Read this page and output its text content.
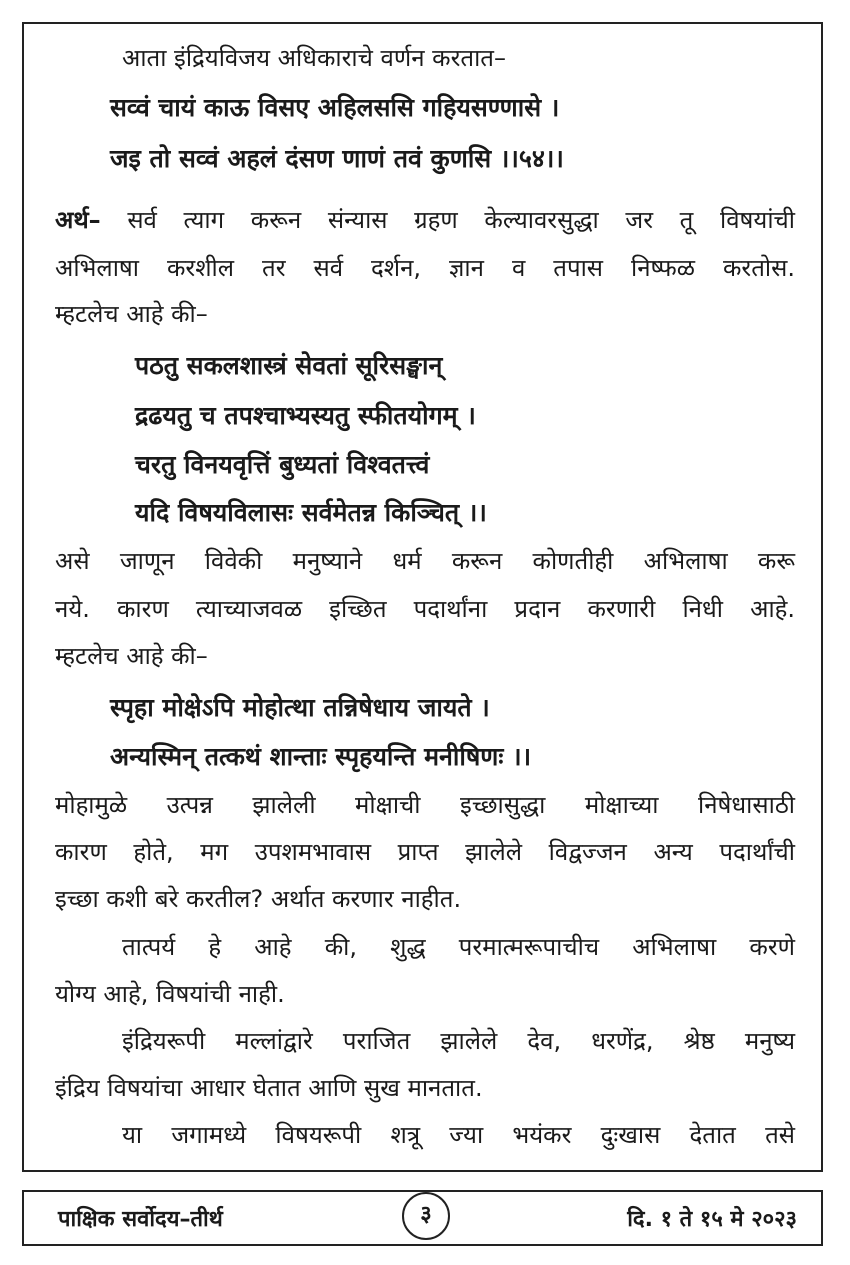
आता इंद्रियविजय अधिकाराचे वर्णन करतात–
सव्वं चायं काऊ विसए अहिलससि गहियसण्णासे ।
जइ तो सव्वं अहलं दंसण णाणं तवं कुणसि ।।५४।।
अर्थ– सर्व त्याग करून संन्यास ग्रहण केल्यावरसुद्धा जर तू विषयांची
अभिलाषा करशील तर सर्व दर्शन, ज्ञान व तपास निष्फळ करतोस.
म्हटलेच आहे की–
पठतु सकलशास्त्रं सेवतां सूरिसङ्घान्
द्रढयतु च तपश्चाभ्यस्यतु स्फीतयोगम् ।
चरतु विनयवृत्तिं बुध्यतां विश्वतत्त्वं
यदि विषयविलासः सर्वमेतन्न किञ्चित् ।।
असे जाणून विवेकी मनुष्याने धर्म करून कोणतीही अभिलाषा करू
नये. कारण त्याच्याजवळ इच्छित पदार्थांना प्रदान करणारी निधी आहे.
म्हटलेच आहे की–
स्पृहा मोक्षेऽपि मोहोत्था तन्निषेधाय जायते ।
अन्यस्मिन् तत्कथं शान्ताः स्पृहयन्ति मनीषिणः ।।
मोहामुळे उत्पन्न झालेली मोक्षाची इच्छासुद्धा मोक्षाच्या निषेधासाठी
कारण होते, मग उपशमभावास प्राप्त झालेले विद्वज्जन अन्य पदार्थांची
इच्छा कशी बरे करतील? अर्थात करणार नाहीत.
तात्पर्य हे आहे की, शुद्ध परमात्मरूपाचीच अभिलाषा करणे
योग्य आहे, विषयांची नाही.
इंद्रियरूपी मल्लांद्वारे पराजित झालेले देव, धरणेंद्र, श्रेष्ठ मनुष्य
इंद्रिय विषयांचा आधार घेतात आणि सुख मानतात.
या जगामध्ये विषयरूपी शत्रू ज्या भयंकर दुःखास देतात तसे
पाक्षिक सर्वोदय–तीर्थ	३	दि. १ ते १५ मे २०२३
